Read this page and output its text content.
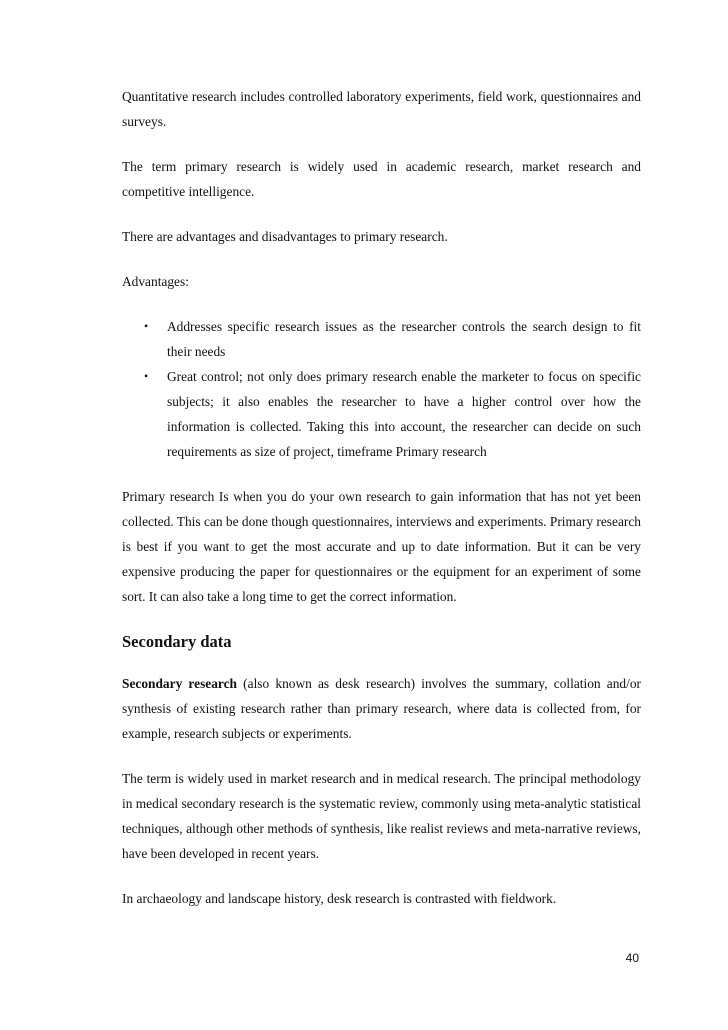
Quantitative research includes controlled laboratory experiments, field work, questionnaires and surveys.

The term primary research is widely used in academic research, market research and competitive intelligence.

There are advantages and disadvantages to primary research.

Advantages:

• Addresses specific research issues as the researcher controls the search design to fit their needs
• Great control; not only does primary research enable the marketer to focus on specific subjects; it also enables the researcher to have a higher control over how the information is collected. Taking this into account, the researcher can decide on such requirements as size of project, timeframe Primary research

Primary research Is when you do your own research to gain information that has not yet been collected. This can be done though questionnaires, interviews and experiments. Primary research is best if you want to get the most accurate and up to date information. But it can be very expensive producing the paper for questionnaires or the equipment for an experiment of some sort. It can also take a long time to get the correct information.

Secondary data

Secondary research (also known as desk research) involves the summary, collation and/or synthesis of existing research rather than primary research, where data is collected from, for example, research subjects or experiments.

The term is widely used in market research and in medical research. The principal methodology in medical secondary research is the systematic review, commonly using meta-analytic statistical techniques, although other methods of synthesis, like realist reviews and meta-narrative reviews, have been developed in recent years.

In archaeology and landscape history, desk research is contrasted with fieldwork.

40
